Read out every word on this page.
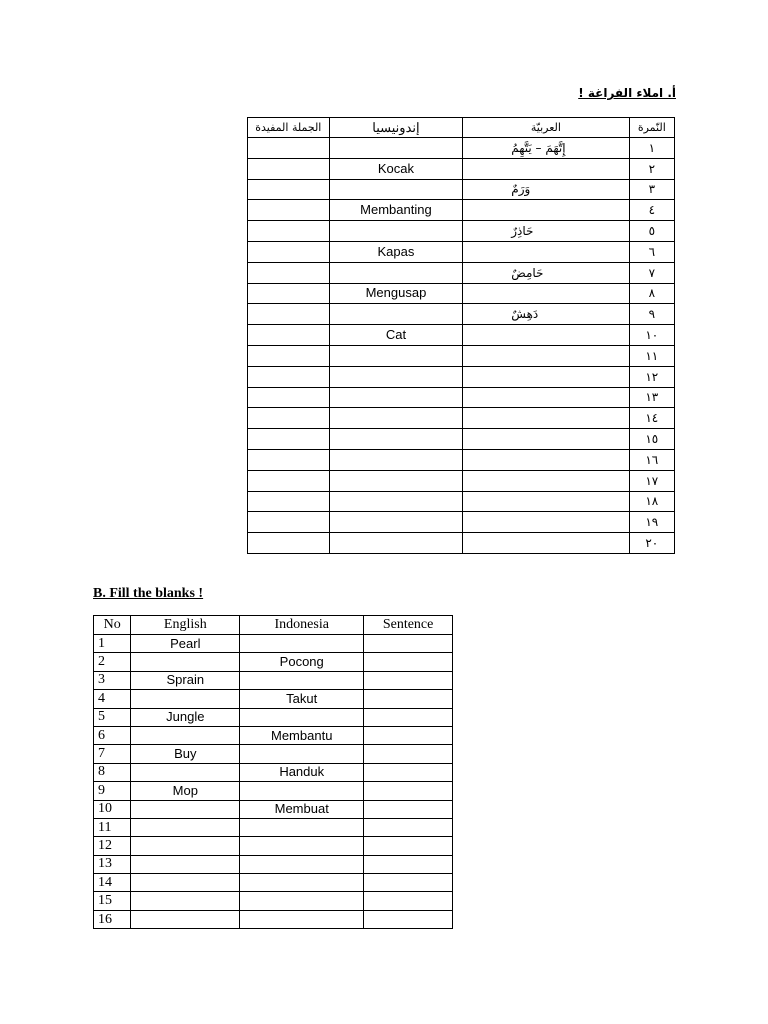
أ. املاء الفراغة !
النّمرة	العربيّة	إندونيسيا	الجملة المفيدة
١	إِتَّهَمَ – يَتَّهِمُ		
٢		Kocak	
٣	وَرَمٌ		
٤		Membanting	
٥	حَاذِرٌ		
٦		Kapas	
٧	حَامِضٌ		
٨		Mengusap	
٩	دَهِشٌ		
١٠		Cat	
١١			
١٢			
١٣			
١٤			
١٥			
١٦			
١٧			
١٨			
١٩			
٢٠			
B. Fill the blanks !
No	English	Indonesia	Sentence
1	Pearl		
2		Pocong	
3	Sprain		
4		Takut	
5	Jungle		
6		Membantu	
7	Buy		
8		Handuk	
9	Mop		
10		Membuat	
11			
12			
13			
14			
15			
16			
